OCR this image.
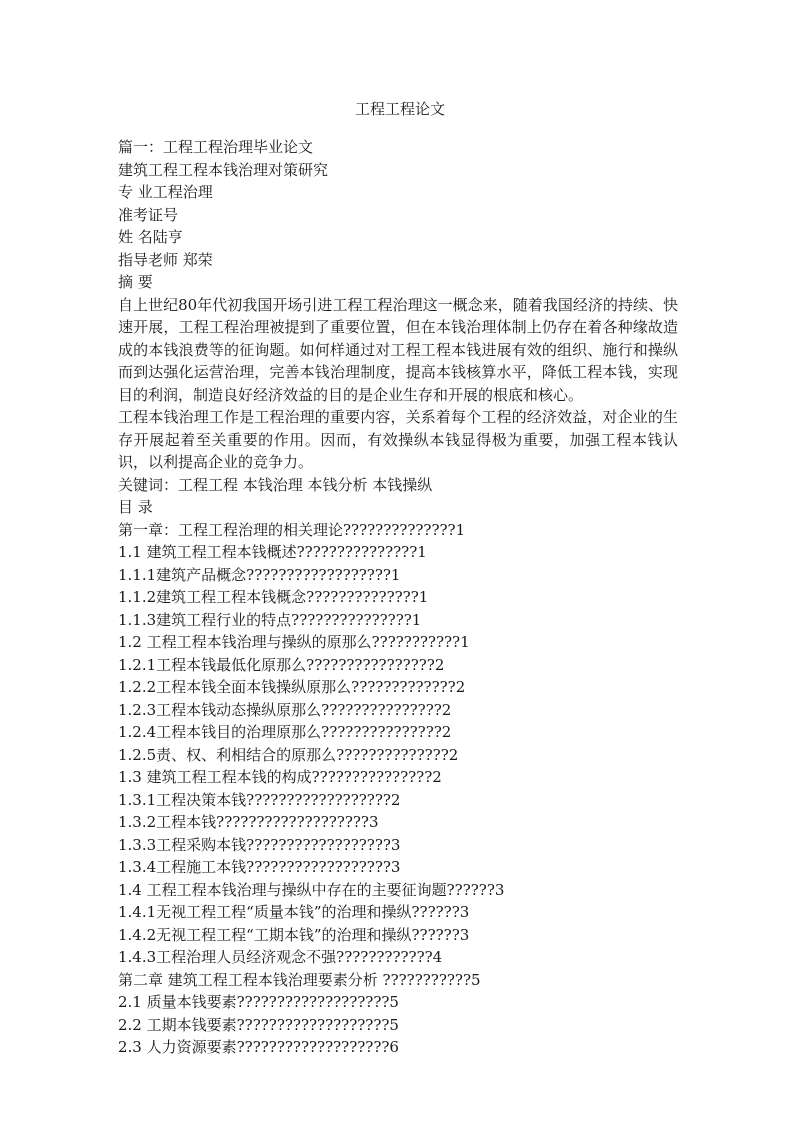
工程工程论文
篇一：工程工程治理毕业论文
建筑工程工程本钱治理对策研究
专 业工程治理
准考证号
姓 名陆亨
指导老师 郑荣
摘 要
自上世纪80年代初我国开场引进工程工程治理这一概念来，随着我国经济的持续、快速开展，工程工程治理被提到了重要位置，但在本钱治理体制上仍存在着各种缘故造成的本钱浪费等的征询题。如何样通过对工程工程本钱进展有效的组织、施行和操纵而到达强化运营治理，完善本钱治理制度，提高本钱核算水平，降低工程本钱，实现目的利润，制造良好经济效益的目的是企业生存和开展的根底和核心。
工程本钱治理工作是工程治理的重要内容，关系着每个工程的经济效益，对企业的生存开展起着至关重要的作用。因而，有效操纵本钱显得极为重要，加强工程本钱认识，以利提高企业的竞争力。
关键词：工程工程 本钱治理 本钱分析 本钱操纵
目 录
第一章：工程工程治理的相关理论??????????????1
1.1 建筑工程工程本钱概述???????????????1
1.1.1建筑产品概念??????????????????1
1.1.2建筑工程工程本钱概念??????????????1
1.1.3建筑工程行业的特点???????????????1
1.2 工程工程本钱治理与操纵的原那么???????????1
1.2.1工程本钱最低化原那么????????????????2
1.2.2工程本钱全面本钱操纵原那么?????????????2
1.2.3工程本钱动态操纵原那么???????????????2
1.2.4工程本钱目的治理原那么???????????????2
1.2.5责、权、利相结合的原那么??????????????2
1.3 建筑工程工程本钱的构成???????????????2
1.3.1工程决策本钱??????????????????2
1.3.2工程本钱???????????????????3
1.3.3工程采购本钱??????????????????3
1.3.4工程施工本钱??????????????????3
1.4 工程工程本钱治理与操纵中存在的主要征询题??????3
1.4.1无视工程工程“质量本钱”的治理和操纵??????3
1.4.2无视工程工程“工期本钱”的治理和操纵??????3
1.4.3工程治理人员经济观念不强????????????4
第二章 建筑工程工程本钱治理要素分析 ???????????5
2.1 质量本钱要素???????????????????5
2.2 工期本钱要素???????????????????5
2.3 人力资源要素???????????????????6
